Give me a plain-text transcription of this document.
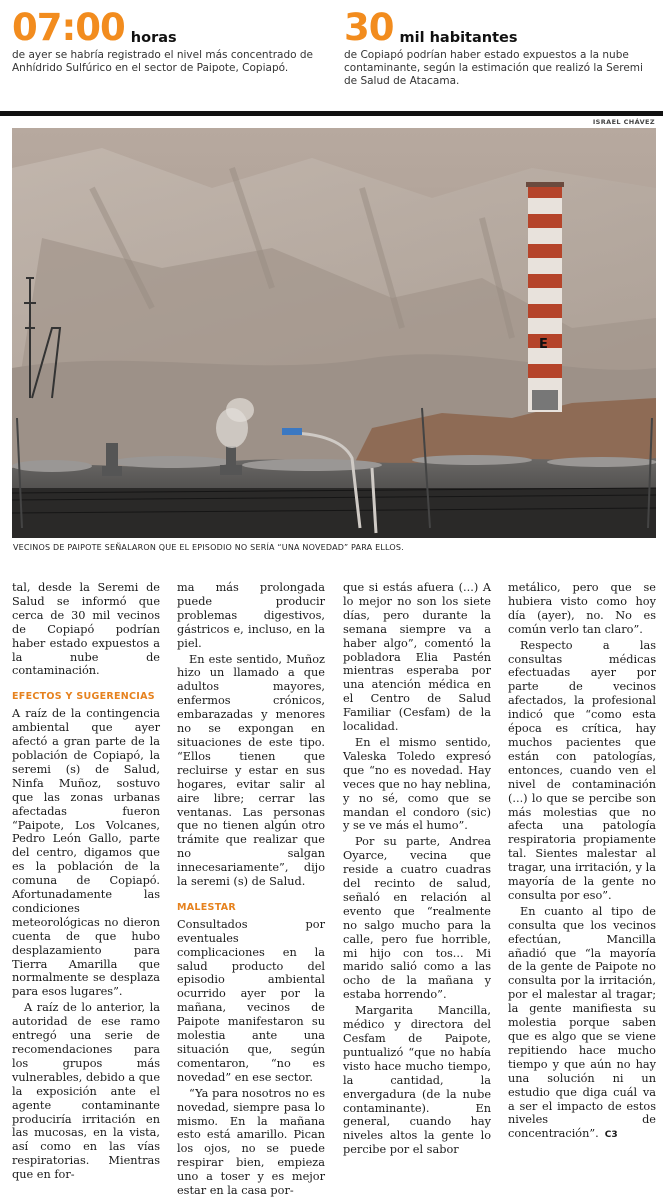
07:00 horas
de ayer se habría registrado el nivel más concentrado de Anhídrido Sulfúrico en el sector de Paipote, Copiapó.
30 mil habitantes
de Copiapó podrían haber estado expuestos a la nube contaminante, según la estimación que realizó la Seremi de Salud de Atacama.
ISRAEL CHÁVEZ
E
VECINOS DE PAIPOTE SEÑALARON QUE EL EPISODIO NO SERÍA “UNA NOVEDAD” PARA ELLOS.

tal, desde la Seremi de Salud se informó que cerca de 30 mil vecinos de Copiapó podrían haber estado expuestos a la nube de contaminación.

EFECTOS Y SUGERENCIAS

A raíz de la contingencia ambiental que ayer afectó a gran parte de la población de Copiapó, la seremi (s) de Salud, Ninfa Muñoz, sostuvo que las zonas urbanas afectadas fueron “Paipote, Los Volcanes, Pedro León Gallo, parte del centro, digamos que es la población de la comuna de Copiapó. Afortunadamente las condiciones meteorológicas no dieron cuenta de que hubo desplazamiento para Tierra Amarilla que normalmente se desplaza para esos lugares”.

A raíz de lo anterior, la autoridad de ese ramo entregó una serie de recomendaciones para los grupos más vulnerables, debido a que la exposición ante el agente contaminante produciría irritación en las mucosas, en la vista, así como en las vías respiratorias. Mientras que en for-

ma más prolongada puede producir problemas digestivos, gástricos e, incluso, en la piel.

En este sentido, Muñoz hizo un llamado a que adultos mayores, enfermos crónicos, embarazadas y menores no se expongan en situaciones de este tipo. “Ellos tienen que recluirse y estar en sus hogares, evitar salir al aire libre; cerrar las ventanas. Las personas que no tienen algún otro trámite que realizar que no salgan innecesariamente”, dijo la seremi (s) de Salud.

MALESTAR

Consultados por eventuales complicaciones en la salud producto del episodio ambiental ocurrido ayer por la mañana, vecinos de Paipote manifestaron su molestia ante una situación que, según comentaron, “no es novedad” en ese sector.

“Ya para nosotros no es novedad, siempre pasa lo mismo. En la mañana esto está amarillo. Pican los ojos, no se puede respirar bien, empieza uno a toser y es mejor estar en la casa por-

que si estás afuera (...) A lo mejor no son los siete días, pero durante la semana siempre va a haber algo”, comentó la pobladora Elia Pastén mientras esperaba por una atención médica en el Centro de Salud Familiar (Cesfam) de la localidad.

En el mismo sentido, Valeska Toledo expresó que “no es novedad. Hay veces que no hay neblina, y no sé, como que se mandan el condoro (sic) y se ve más el humo”.

Por su parte, Andrea Oyarce, vecina que reside a cuatro cuadras del recinto de salud, señaló en relación al evento que “realmente no salgo mucho para la calle, pero fue horrible, mi hijo con tos... Mi marido salió como a las ocho de la mañana y estaba horrendo”.

Margarita Mancilla, médico y directora del Cesfam de Paipote, puntualizó “que no había visto hace mucho tiempo, la cantidad, la envergadura (de la nube contaminante). En general, cuando hay niveles altos la gente lo percibe por el sabor

metálico, pero que se hubiera visto como hoy día (ayer), no. No es común verlo tan claro”.

Respecto a las consultas médicas efectuadas ayer por parte de vecinos afectados, la profesional indicó que “como esta época es crítica, hay muchos pacientes que están con patologías, entonces, cuando ven el nivel de contaminación (...) lo que se percibe son más molestias que no afecta una patología respiratoria propiamente tal. Sientes malestar al tragar, una irritación, y la mayoría de la gente no consulta por eso”.

En cuanto al tipo de consulta que los vecinos efectúan, Mancilla añadió que “la mayoría de la gente de Paipote no consulta por la irritación, por el malestar al tragar; la gente manifiesta su molestia porque saben que es algo que se viene repitiendo hace mucho tiempo y que aún no hay una solución ni un estudio que diga cuál va a ser el impacto de estos niveles de concentración”. C3
